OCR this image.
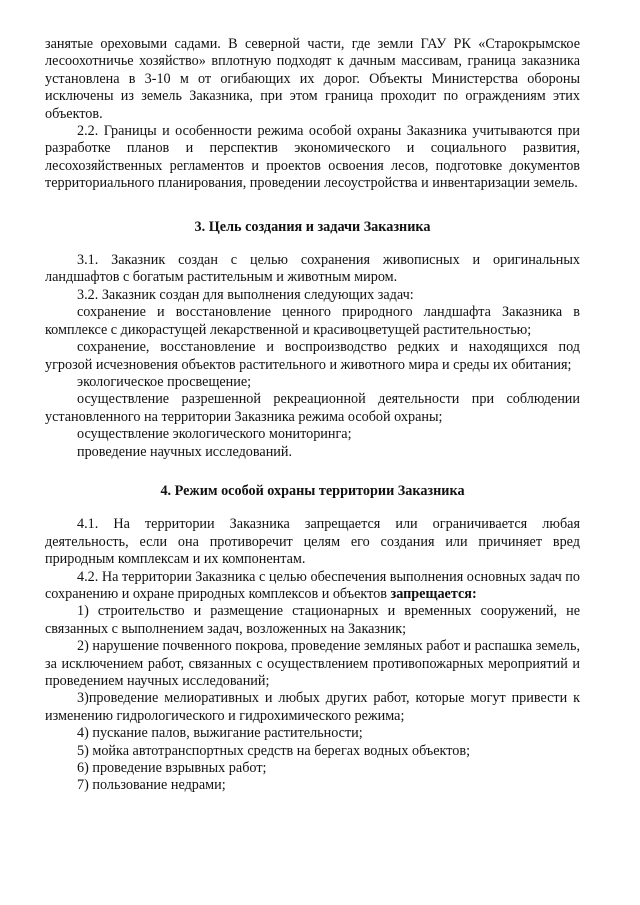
занятые ореховыми садами. В северной части, где земли ГАУ РК «Старокрымское лесоохотничье хозяйство» вплотную подходят к дачным массивам, граница заказника установлена в 3-10 м от огибающих их дорог. Объекты Министерства обороны исключены из земель Заказника, при этом граница проходит по ограждениям этих объектов.

2.2. Границы и особенности режима особой охраны Заказника учитываются при разработке планов и перспектив экономического и социального развития, лесохозяйственных регламентов и проектов освоения лесов, подготовке документов территориального планирования, проведении лесоустройства и инвентаризации земель.

3. Цель создания и задачи Заказника

3.1. Заказник создан с целью сохранения живописных и оригинальных ландшафтов с богатым растительным и животным миром.

3.2. Заказник создан для выполнения следующих задач:

сохранение и восстановление ценного природного ландшафта Заказника в комплексе с дикорастущей лекарственной и красивоцветущей растительностью;

сохранение, восстановление и воспроизводство редких и находящихся под угрозой исчезновения объектов растительного и животного мира и среды их обитания;

экологическое просвещение;

осуществление разрешенной рекреационной деятельности при соблюдении установленного на территории Заказника режима особой охраны;

осуществление экологического мониторинга;

проведение научных исследований.

4. Режим особой охраны территории Заказника

4.1. На территории Заказника запрещается или ограничивается любая деятельность, если она противоречит целям его создания или причиняет вред природным комплексам и их компонентам.

4.2. На территории Заказника с целью обеспечения выполнения основных задач по сохранению и охране природных комплексов и объектов запрещается:

1) строительство и размещение стационарных и временных сооружений, не связанных с выполнением задач, возложенных на Заказник;

2) нарушение почвенного покрова, проведение земляных работ и распашка земель, за исключением работ, связанных с осуществлением противопожарных мероприятий и проведением научных исследований;

3)проведение мелиоративных и любых других работ, которые могут привести к изменению гидрологического и гидрохимического режима;

4) пускание палов, выжигание растительности;

5) мойка автотранспортных средств на берегах водных объектов;

6) проведение взрывных работ;

7) пользование недрами;
